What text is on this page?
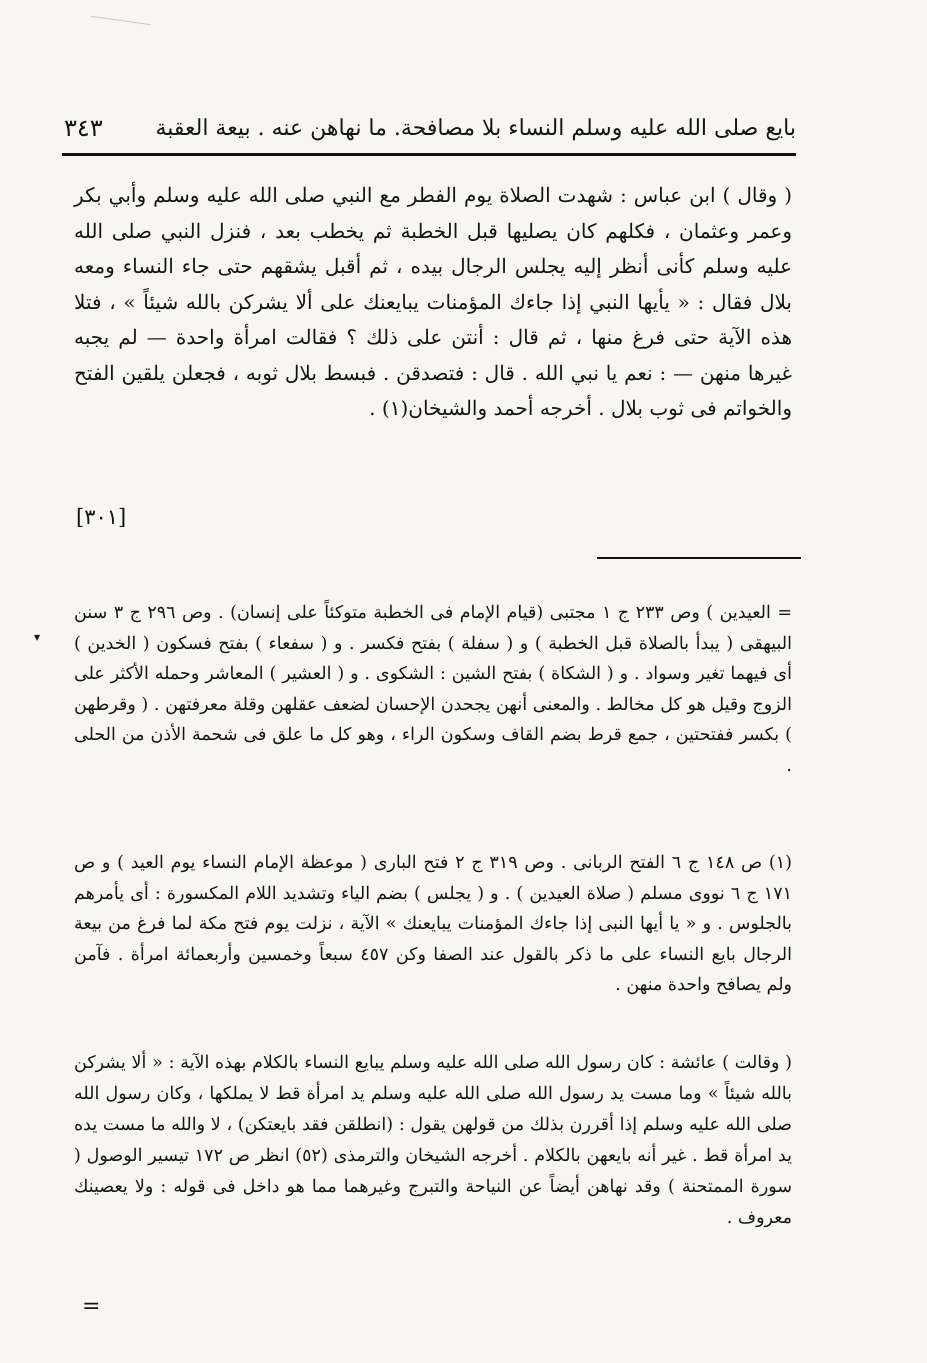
٣٤٣ بايع صلى الله عليه وسلم النساء بلا مصافحة. ما نهاهن عنه . بيعة العقبة

( وقال ) ابن عباس : شهدت الصلاة يوم الفطر مع النبي صلى الله عليه وسلم وأبي بكر وعمر وعثمان ، فكلهم كان يصليها قبل الخطبة ثم يخطب بعد ، فنزل النبي صلى الله عليه وسلم كأنى أنظر إليه يجلس الرجال بيده ، ثم أقبل يشقهم حتى جاء النساء ومعه بلال فقال : « يأيها النبي إذا جاءك المؤمنات يبايعنك على ألا يشركن بالله شيئاً » ، فتلا هذه الآية حتى فرغ منها ، ثم قال : أنتن على ذلك ؟ فقالت امرأة واحدة — لم يجبه غيرها منهن — : نعم يا نبي الله . قال : فتصدقن . فبسط بلال ثوبه ، فجعلن يلقين الفتح والخواتم فى ثوب بلال . أخرجه أحمد والشيخان(١) .

[٣٠١]
▾

= العيدين ) وص ٢٣٣ ج ١ مجتبى (قيام الإمام فى الخطبة متوكئاً على إنسان) . وص ٢٩٦ ج ٣ سنن البيهقى ( يبدأ بالصلاة قبل الخطبة ) و ( سفلة ) بفتح فكسر . و ( سفعاء ) بفتح فسكون ( الخدين ) أى فيهما تغير وسواد . و ( الشكاة ) بفتح الشين : الشكوى . و ( العشير ) المعاشر وحمله الأكثر على الزوج وقيل هو كل مخالط . والمعنى أنهن يجحدن الإحسان لضعف عقلهن وقلة معرفتهن . ( وقرطهن ) بكسر ففتحتين ، جمع قرط بضم القاف وسكون الراء ، وهو كل ما علق فى شحمة الأذن من الحلى .

(١) ص ١٤٨ ج ٦ الفتح الربانى . وص ٣١٩ ج ٢ فتح البارى ( موعظة الإمام النساء يوم العيد ) و ص ١٧١ ج ٦ نووى مسلم ( صلاة العيدين ) . و ( يجلس ) بضم الياء وتشديد اللام المكسورة : أى يأمرهم بالجلوس . و « يا أيها النبى إذا جاءك المؤمنات يبايعنك » الآية ، نزلت يوم فتح مكة لما فرغ من بيعة الرجال بايع النساء على ما ذكر بالقول عند الصفا وكن ٤٥٧ سبعاً وخمسين وأربعمائة امرأة . فآمن ولم يصافح واحدة منهن .

( وقالت ) عائشة : كان رسول الله صلى الله عليه وسلم يبايع النساء بالكلام بهذه الآية : « ألا يشركن بالله شيئاً » وما مست يد رسول الله صلى الله عليه وسلم يد امرأة قط لا يملكها ، وكان رسول الله صلى الله عليه وسلم إذا أقررن بذلك من قولهن يقول : (انطلقن فقد بايعتكن) ، لا والله ما مست يده يد امرأة قط . غير أنه بايعهن بالكلام . أخرجه الشيخان والترمذى (٥٢) انظر ص ١٧٢ تيسير الوصول ( سورة الممتحنة ) وقد نهاهن أيضاً عن النياحة والتبرج وغيرهما مما هو داخل فى قوله : ولا يعصينك معروف .

=
